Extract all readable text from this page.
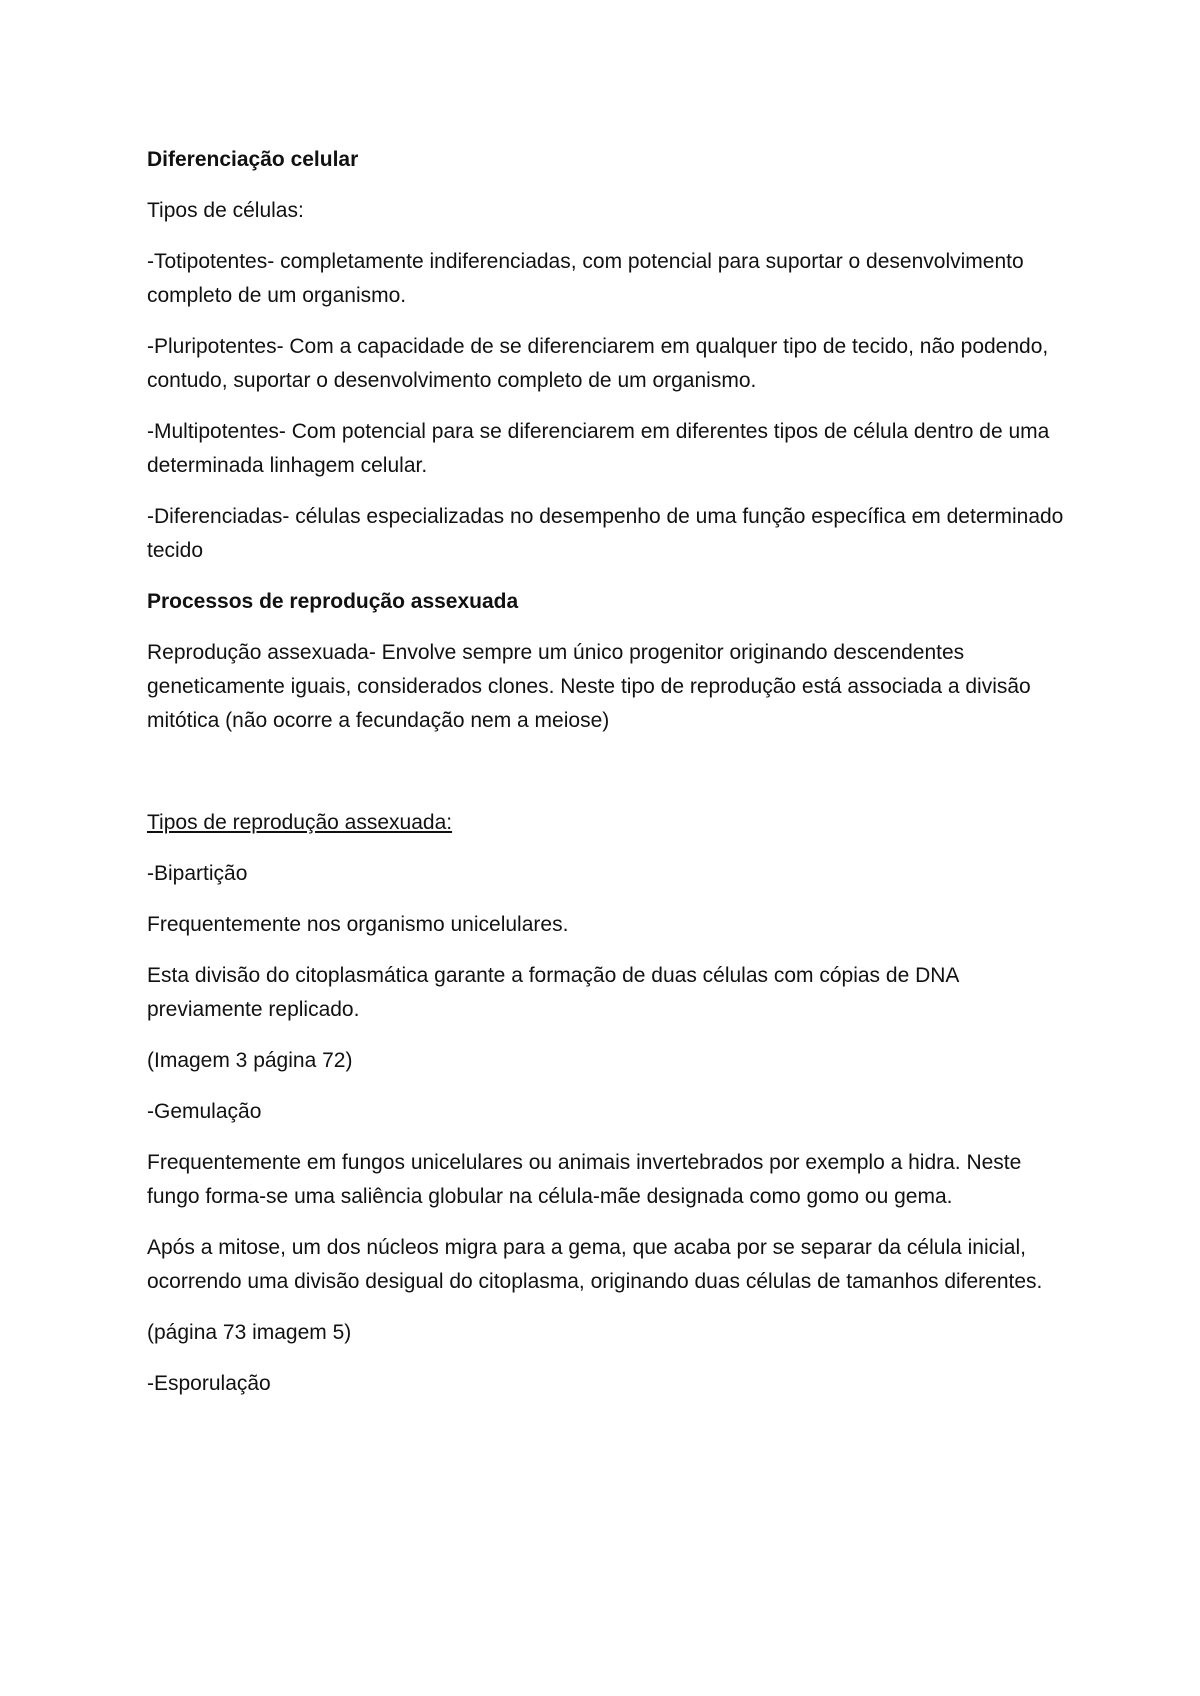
Diferenciação celular

Tipos de células:

-Totipotentes- completamente indiferenciadas, com potencial para suportar o desenvolvimento completo de um organismo.

-Pluripotentes- Com a capacidade de se diferenciarem em qualquer tipo de tecido, não podendo, contudo, suportar o desenvolvimento completo de um organismo.

-Multipotentes- Com potencial para se diferenciarem em diferentes tipos de célula dentro de uma determinada linhagem celular.

-Diferenciadas- células especializadas no desempenho de uma função específica em determinado tecido

Processos de reprodução assexuada

Reprodução assexuada- Envolve sempre um único progenitor originando descendentes geneticamente iguais, considerados clones. Neste tipo de reprodução está associada a divisão mitótica (não ocorre a fecundação nem a meiose)

Tipos de reprodução assexuada:

-Bipartição

Frequentemente nos organismo unicelulares.

Esta divisão do citoplasmática garante a formação de duas células com cópias de DNA previamente replicado.

(Imagem 3 página 72)

-Gemulação

Frequentemente em fungos unicelulares ou animais invertebrados por exemplo a hidra. Neste fungo forma-se uma saliência globular na célula-mãe designada como gomo ou gema.

Após a mitose, um dos núcleos migra para a gema, que acaba por se separar da célula inicial, ocorrendo uma divisão desigual do citoplasma, originando duas células de tamanhos diferentes.

(página 73 imagem 5)

-Esporulação
